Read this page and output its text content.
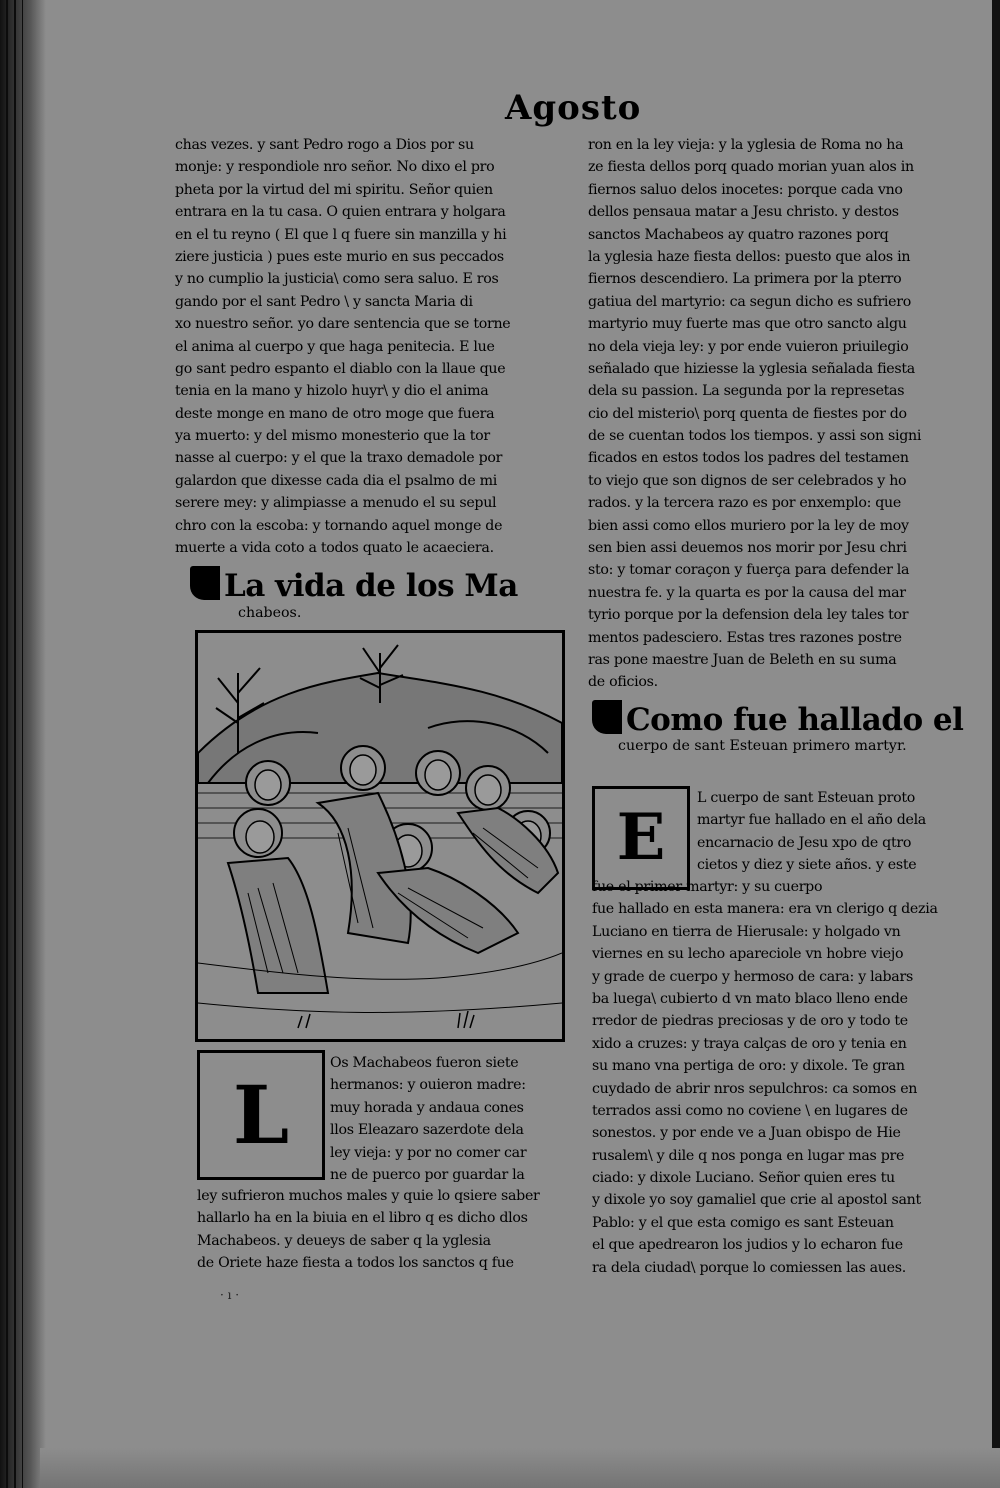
Agosto
chas vezes. y sant Pedro rogo a Dios por su
monje: y respondiole nro señor. No dixo el pro
pheta por la virtud del mi spiritu. Señor quien
entrara en la tu casa. O quien entrara y holgara
en el tu reyno ( El que l q fuere sin manzilla y hi
ziere justicia ) pues este murio en sus peccados
y no cumplio la justicia\ como sera saluo. E ros
gando por el sant Pedro \ y sancta Maria di
xo nuestro señor. yo dare sentencia que se torne
el anima al cuerpo y que haga penitecia. E lue
go sant pedro espanto el diablo con la llaue que
tenia en la mano y hizolo huyr\ y dio el anima
deste monge en mano de otro moge que fuera
ya muerto: y del mismo monesterio que la tor
nasse al cuerpo: y el que la traxo demadole por
galardon que dixesse cada dia el psalmo de mi
serere mey: y alimpiasse a menudo el su sepul
chro con la escoba: y tornando aquel monge de
muerte a vida coto a todos quato le acaeciera.
La vida de los Ma
chabeos.
L
Os Machabeos fueron siete
hermanos: y ouieron madre:
muy horada y andaua cones
llos Eleazaro sazerdote dela
ley vieja: y por no comer car
ne de puerco por guardar la
ley sufrieron muchos males y quie lo qsiere saber
hallarlo ha en la biuia en el libro q es dicho dlos
Machabeos. y deueys de saber q la yglesia
de Oriete haze fiesta a todos los sanctos q fue
ron en la ley vieja: y la yglesia de Roma no ha
ze fiesta dellos porq quado morian yuan alos in
fiernos saluo delos inocetes: porque cada vno
dellos pensaua matar a Jesu christo. y destos
sanctos Machabeos ay quatro razones porq
la yglesia haze fiesta dellos: puesto que alos in
fiernos descendiero. La primera por la pterro
gatiua del martyrio: ca segun dicho es sufriero
martyrio muy fuerte mas que otro sancto algu
no dela vieja ley: y por ende vuieron priuilegio
señalado que hiziesse la yglesia señalada fiesta
dela su passion. La segunda por la represetas
cio del misterio\ porq quenta de fiestes por do
de se cuentan todos los tiempos. y assi son signi
ficados en estos todos los padres del testamen
to viejo que son dignos de ser celebrados y ho
rados. y la tercera razo es por enxemplo: que
bien assi como ellos muriero por la ley de moy
sen bien assi deuemos nos morir por Jesu chri
sto: y tomar coraçon y fuerça para defender la
nuestra fe. y la quarta es por la causa del mar
tyrio porque por la defension dela ley tales tor
mentos padesciero. Estas tres razones postre
ras pone maestre Juan de Beleth en su suma
de oficios.
Como fue hallado el
cuerpo de sant Esteuan primero martyr.
E
L cuerpo de sant Esteuan proto
martyr fue hallado en el año dela
encarnacio de Jesu xpo de qtro
cietos y diez y siete años. y este
fue el primer martyr: y su cuerpo
fue hallado en esta manera: era vn clerigo q dezia
Luciano en tierra de Hierusale: y holgado vn
viernes en su lecho apareciole vn hobre viejo
y grade de cuerpo y hermoso de cara: y labars
ba luega\ cubierto d vn mato blaco lleno ende
rredor de piedras preciosas y de oro y todo te
xido a cruzes: y traya calças de oro y tenia en
su mano vna pertiga de oro: y dixole. Te gran
cuydado de abrir nros sepulchros: ca somos en
terrados assi como no coviene \ en lugares de
sonestos. y por ende ve a Juan obispo de Hie
rusalem\ y dile q nos ponga en lugar mas pre
ciado: y dixole Luciano. Señor quien eres tu
y dixole yo soy gamaliel que crie al apostol sant
Pablo: y el que esta comigo es sant Esteuan
el que apedrearon los judios y lo echaron fue
ra dela ciudad\ porque lo comiessen las aues.
· ı ·
